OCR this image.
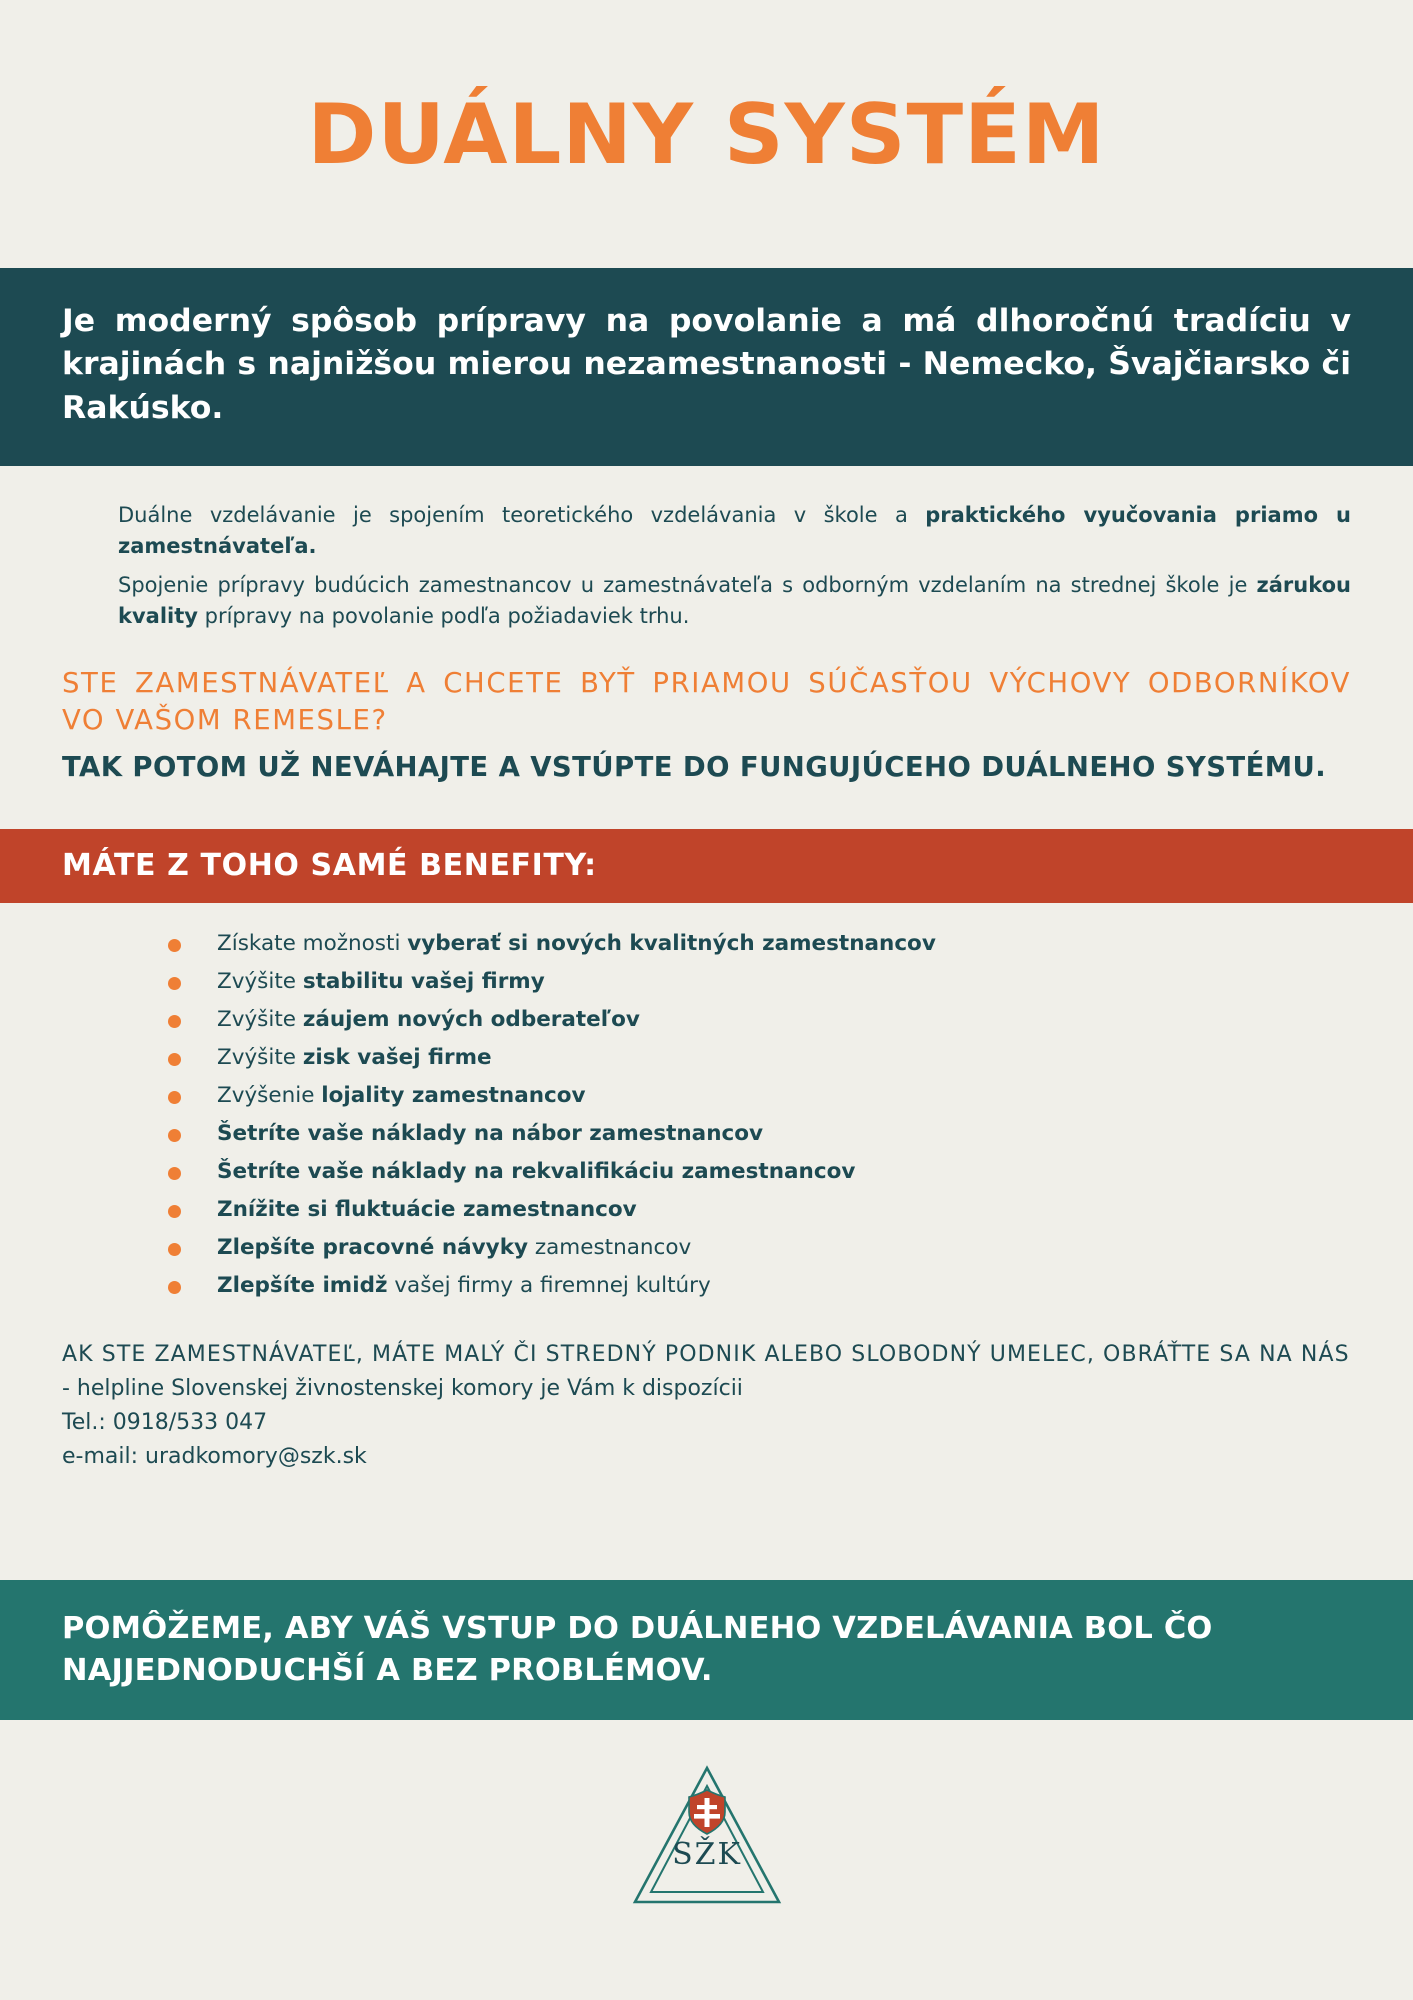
DUÁLNY SYSTÉM
Je moderný spôsob prípravy na povolanie a má dlhoročnú tradíciu v krajinách s najnižšou mierou nezamestnanosti - Nemecko, Švajčiarsko či Rakúsko.

Duálne vzdelávanie je spojením teoretického vzdelávania v škole a praktického vyučovania priamo u zamestnávateľa.

Spojenie prípravy budúcich zamestnancov u zamestnávateľa s odborným vzdelaním na strednej škole je zárukou kvality prípravy na povolanie podľa požiadaviek trhu.

STE ZAMESTNÁVATEĽ A CHCETE BYŤ PRIAMOU SÚČASŤOU VÝCHOVY ODBORNÍKOV VO VAŠOM REMESLE?

TAK POTOM UŽ NEVÁHAJTE A VSTÚPTE DO FUNGUJÚCEHO DUÁLNEHO SYSTÉMU.

MÁTE Z TOHO SAMÉ BENEFITY:
Získate možnosti vyberať si nových kvalitných zamestnancov
Zvýšite stabilitu vašej firmy
Zvýšite záujem nových odberateľov
Zvýšite zisk vašej firme
Zvýšenie lojality zamestnancov
Šetríte vaše náklady na nábor zamestnancov
Šetríte vaše náklady na rekvalifikáciu zamestnancov
Znížite si fluktuácie zamestnancov
Zlepšíte pracovné návyky zamestnancov
Zlepšíte imidž vašej firmy a firemnej kultúry

AK STE ZAMESTNÁVATEĽ, MÁTE MALÝ ČI STREDNÝ PODNIK ALEBO SLOBODNÝ UMELEC, OBRÁŤTE SA NA NÁS

- helpline Slovenskej živnostenskej komory je Vám k dispozícii

Tel.: 0918/533 047

e-mail: uradkomory@szk.sk

POMÔŽEME, ABY VÁŠ VSTUP DO DUÁLNEHO VZDELÁVANIA BOL ČO NAJJEDNODUCHŠÍ A BEZ PROBLÉMOV.
SŽK
